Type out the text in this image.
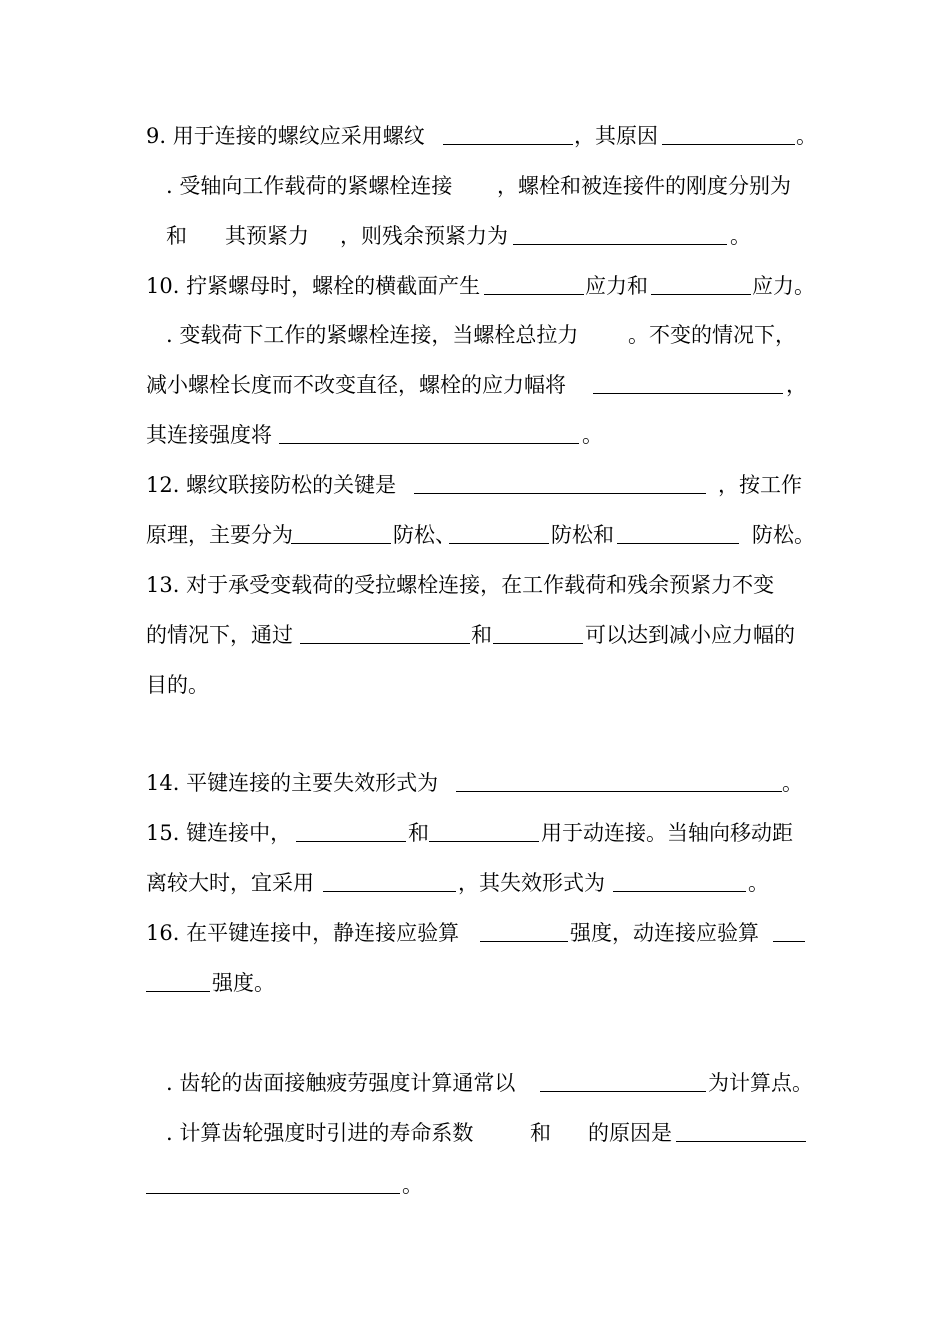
9. 用于连接的螺纹应采用螺纹	，其原因	。
. 受轴向工作载荷的紧螺栓连接 ，螺栓和被连接件的刚度分别为
和 其预紧力 ，则残余预紧力为	。
10. 拧紧螺母时，螺栓的横截面产生	应力和	应力。
. 变载荷下工作的紧螺栓连接，当螺栓总拉力 。不变的情况下，
减小螺栓长度而不改变直径，螺栓的应力幅将	，
其连接强度将	。
12. 螺纹联接防松的关键是	，按工作
原理，主要分为	防松、	防松和	防松。
13. 对于承受变载荷的受拉螺栓连接，在工作载荷和残余预紧力不变
的情况下，通过	和	可以达到减小应力幅的
目的。
14. 平键连接的主要失效形式为	。
15. 键连接中，	和	用于动连接。当轴向移动距
离较大时，宜采用	，其失效形式为	。
16. 在平键连接中，静连接应验算	强度，动连接应验算
强度。
. 齿轮的齿面接触疲劳强度计算通常以	为计算点。
. 计算齿轮强度时引进的寿命系数	和 的原因是
。
